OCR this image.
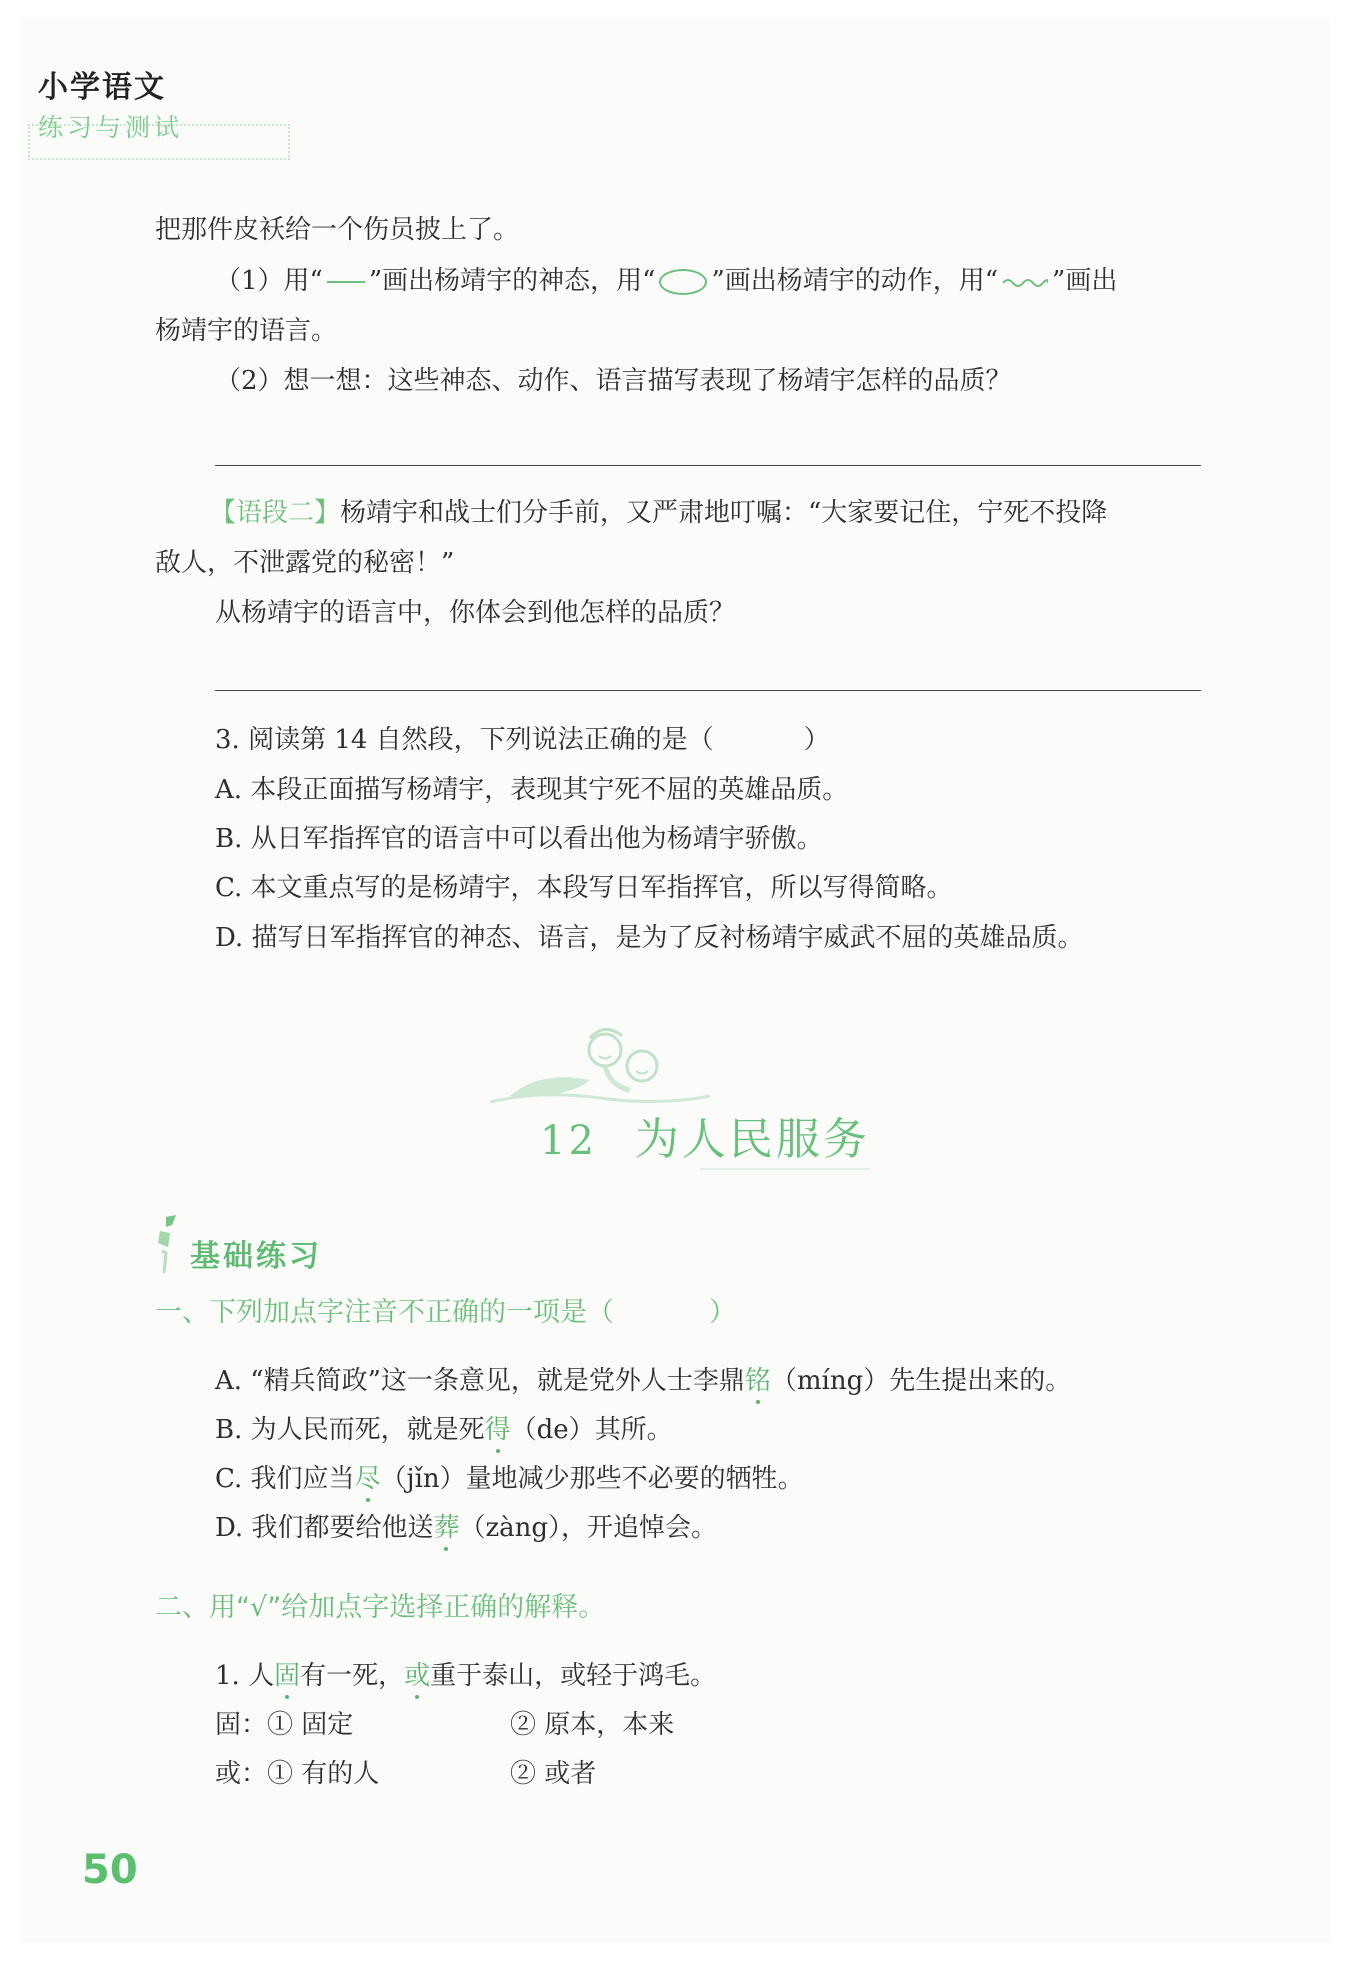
小学语文
练习与测试
把那件皮袄给一个伤员披上了。
（1）用“ ”画出杨靖宇的神态，用“ ”画出杨靖宇的动作，用“ ”画出
杨靖宇的语言。
（2）想一想：这些神态、动作、语言描写表现了杨靖宇怎样的品质？
【语段二】杨靖宇和战士们分手前，又严肃地叮嘱：“大家要记住，宁死不投降
敌人，不泄露党的秘密！”
从杨靖宇的语言中，你体会到他怎样的品质？
3. 阅读第 14 自然段，下列说法正确的是（	）
A. 本段正面描写杨靖宇，表现其宁死不屈的英雄品质。
B. 从日军指挥官的语言中可以看出他为杨靖宇骄傲。
C. 本文重点写的是杨靖宇，本段写日军指挥官，所以写得简略。
D. 描写日军指挥官的神态、语言，是为了反衬杨靖宇威武不屈的英雄品质。
12 为人民服务
基础练习
一、下列加点字注音不正确的一项是（	）
A. “精兵简政”这一条意见，就是党外人士李鼎铭（míng）先生提出来的。
B. 为人民而死，就是死得（de）其所。
C. 我们应当尽（jǐn）量地减少那些不必要的牺牲。
D. 我们都要给他送葬（zàng），开追悼会。
二、用“√”给加点字选择正确的解释。
1. 人固有一死，或重于泰山，或轻于鸿毛。
固：① 固定	② 原本，本来
或：① 有的人	② 或者
50
